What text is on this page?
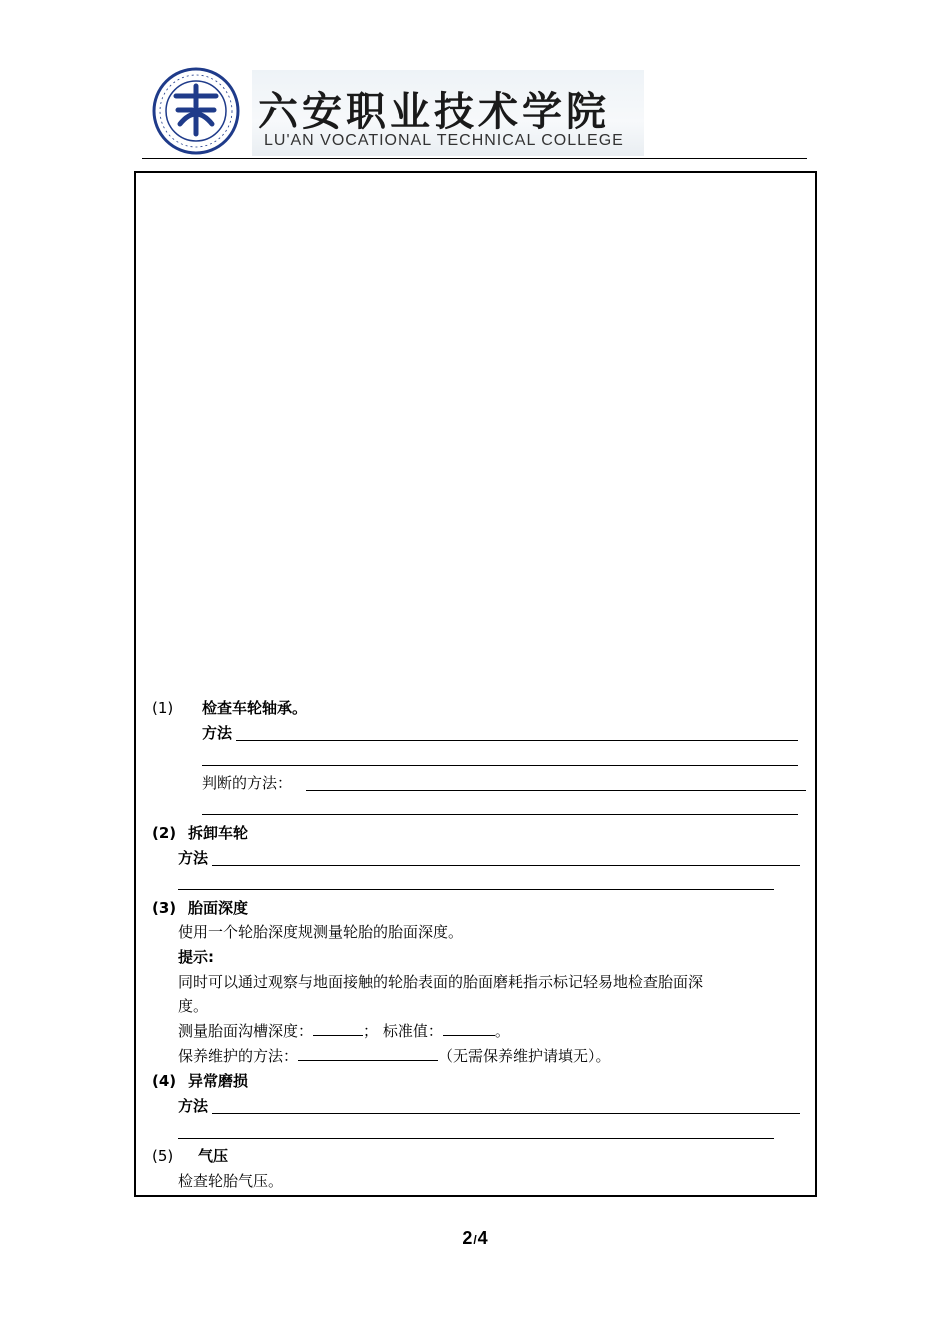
六安职业技术学院
LU'AN VOCATIONAL TECHNICAL COLLEGE
(1) 检查车轮轴承。
方法
判断的方法：
(2) 拆卸车轮
方法
(3) 胎面深度
使用一个轮胎深度规测量轮胎的胎面深度。
提示:
同时可以通过观察与地面接触的轮胎表面的胎面磨耗指示标记轻易地检查胎面深
度。
测量胎面沟槽深度：	； 标准值：	。
保养维护的方法：	（无需保养维护请填无）。
(4) 异常磨损
方法
(5) 气压
检查轮胎气压。
2/4
